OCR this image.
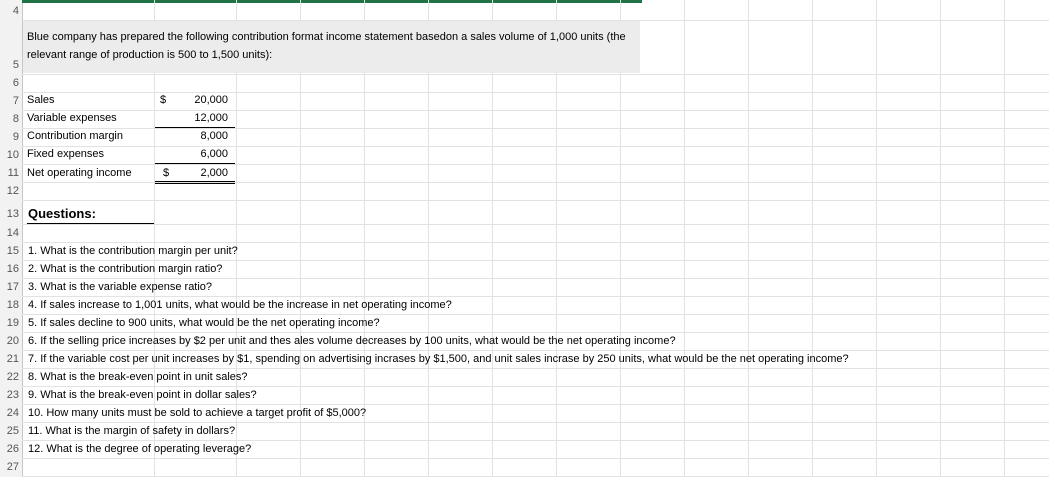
4
5
6
7
8
9
10
11
12
13
14
15
16
17
18
19
20
21
22
23
24
25
26
27
Blue company has prepared the following contribution format income statement basedon a sales volume of 1,000 units (the relevant range of production is 500 to 1,500 units):
Sales	$	20,000
Variable expenses	12,000
Contribution margin	8,000
Fixed expenses	6,000
Net operating income	$	2,000
Questions:
1. What is the contribution margin per unit?
2. What is the contribution margin ratio?
3. What is the variable expense ratio?
4. If sales increase to 1,001 units, what would be the increase in net operating income?
5. If sales decline to 900 units, what would be the net operating income?
6. If the selling price increases by $2 per unit and thes ales volume decreases by 100 units, what would be the net operating income?
7. If the variable cost per unit increases by $1, spending on advertising incrases by $1,500, and unit sales incrase by 250 units, what would be the net operating income?
8. What is the break-even point in unit sales?
9. What is the break-even point in dollar sales?
10. How many units must be sold to achieve a target profit of $5,000?
11. What is the margin of safety in dollars?
12. What is the degree of operating leverage?
